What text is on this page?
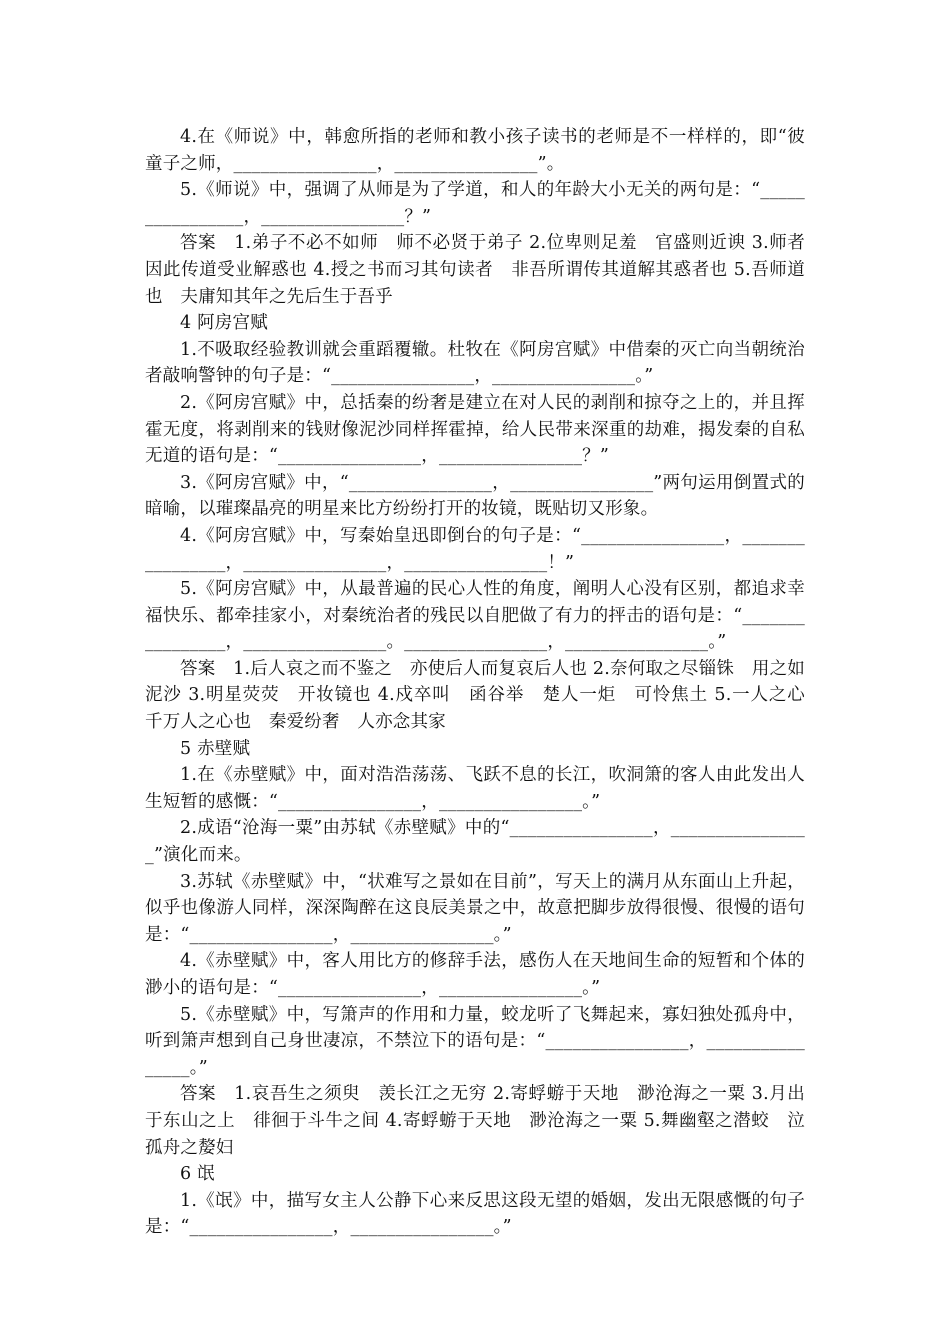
4.在《师说》中，韩愈所指的老师和教小孩子读书的老师是不一样样的，即“彼童子之师，________________，________________”。

5.《师说》中，强调了从师是为了学道，和人的年龄大小无关的两句是：“________________，________________？”

答案　1.弟子不必不如师　师不必贤于弟子 2.位卑则足羞　官盛则近谀 3.师者　因此传道受业解惑也 4.授之书而习其句读者　非吾所谓传其道解其惑者也 5.吾师道也　夫庸知其年之先后生于吾乎

4 阿房宫赋

1.不吸取经验教训就会重蹈覆辙。杜牧在《阿房宫赋》中借秦的灭亡向当朝统治者敲响警钟的句子是：“________________，________________。”

2.《阿房宫赋》中，总括秦的纷奢是建立在对人民的剥削和掠夺之上的，并且挥霍无度，将剥削来的钱财像泥沙同样挥霍掉，给人民带来深重的劫难，揭发秦的自私无道的语句是：“________________，________________？”

3.《阿房宫赋》中，“________________，________________”两句运用倒置式的暗喻，以璀璨晶亮的明星来比方纷纷打开的妆镜，既贴切又形象。

4.《阿房宫赋》中，写秦始皇迅即倒台的句子是：“________________，________________，________________，________________！”

5.《阿房宫赋》中，从最普遍的民心人性的角度，阐明人心没有区别，都追求幸福快乐、都牵挂家小，对秦统治者的残民以自肥做了有力的抨击的语句是：“________________，________________。________________，________________。”

答案　1.后人哀之而不鉴之　亦使后人而复哀后人也 2.奈何取之尽锱铢　用之如泥沙 3.明星荧荧　开妆镜也 4.戍卒叫　函谷举　楚人一炬　可怜焦土 5.一人之心　千万人之心也　秦爱纷奢　人亦念其家

5 赤壁赋

1.在《赤壁赋》中，面对浩浩荡荡、飞跃不息的长江，吹洞箫的客人由此发出人生短暂的感慨：“________________，________________。”

2.成语“沧海一粟”由苏轼《赤壁赋》中的“________________，________________”演化而来。

3.苏轼《赤壁赋》中，“状难写之景如在目前”，写天上的满月从东面山上升起，似乎也像游人同样，深深陶醉在这良辰美景之中，故意把脚步放得很慢、很慢的语句是：“________________，________________。”

4.《赤壁赋》中，客人用比方的修辞手法，感伤人在天地间生命的短暂和个体的渺小的语句是：“________________，________________。”

5.《赤壁赋》中，写箫声的作用和力量，蛟龙听了飞舞起来，寡妇独处孤舟中，听到箫声想到自己身世凄凉，不禁泣下的语句是：“________________，________________。”

答案　1.哀吾生之须臾　羡长江之无穷 2.寄蜉蝣于天地　渺沧海之一粟 3.月出于东山之上　徘徊于斗牛之间 4.寄蜉蝣于天地　渺沧海之一粟 5.舞幽壑之潜蛟　泣孤舟之嫠妇

6 氓

1.《氓》中，描写女主人公静下心来反思这段无望的婚姻，发出无限感慨的句子是：“________________，________________。”
